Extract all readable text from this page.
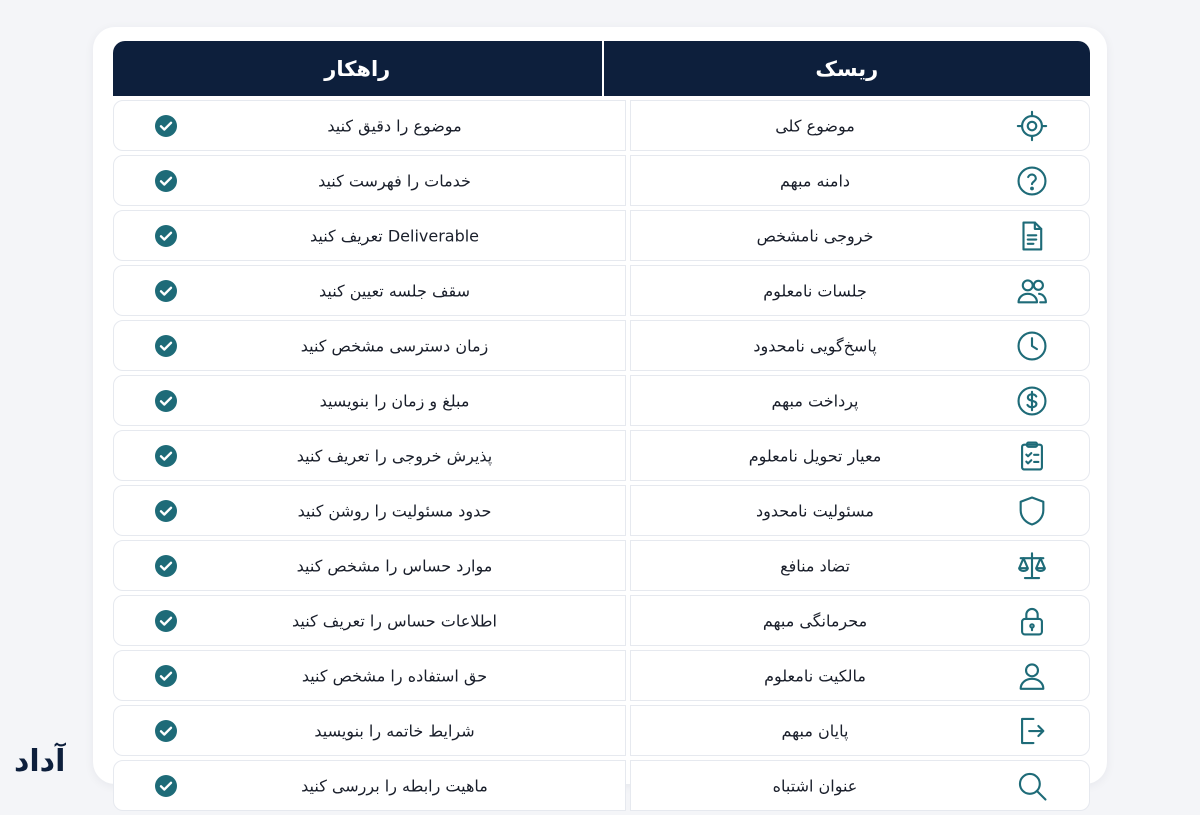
ریسک
راهکار
موضوع کلی
موضوع را دقیق کنید
دامنه مبهم
خدمات را فهرست کنید
خروجی نامشخص
Deliverable تعریف کنید
جلسات نامعلوم
سقف جلسه تعیین کنید
پاسخ‌گویی نامحدود
زمان دسترسی مشخص کنید
پرداخت مبهم
مبلغ و زمان را بنویسید
معیار تحویل نامعلوم
پذیرش خروجی را تعریف کنید
مسئولیت نامحدود
حدود مسئولیت را روشن کنید
تضاد منافع
موارد حساس را مشخص کنید
محرمانگی مبهم
اطلاعات حساس را تعریف کنید
مالکیت نامعلوم
حق استفاده را مشخص کنید
پایان مبهم
شرایط خاتمه را بنویسید
عنوان اشتباه
ماهیت رابطه را بررسی کنید
آداد
